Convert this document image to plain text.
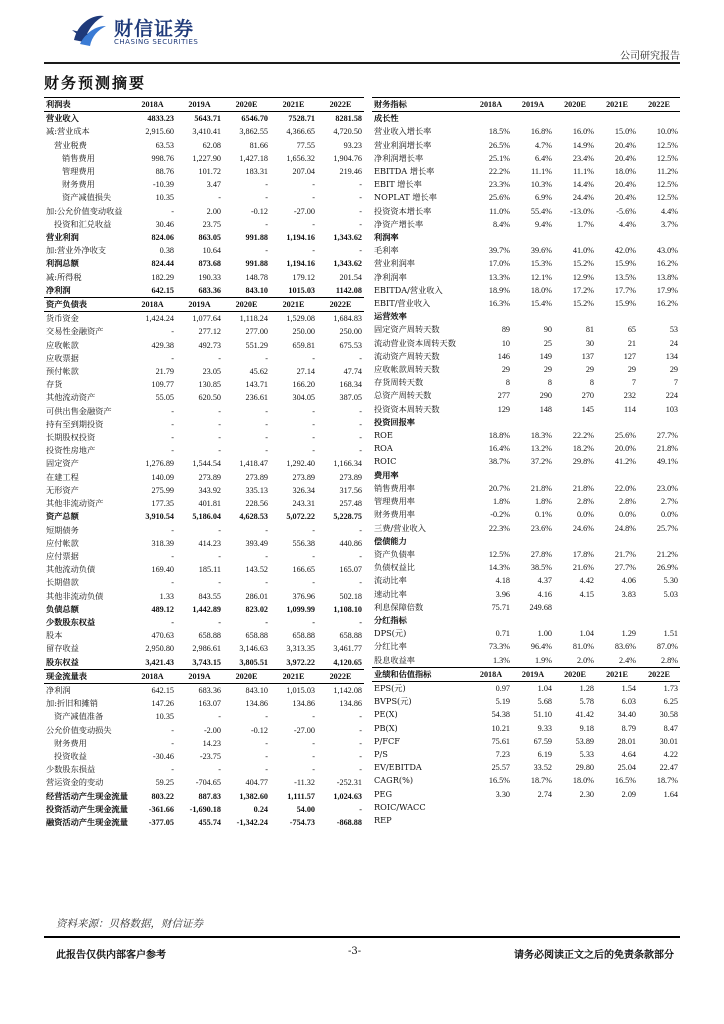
财信证券
CHASING SECURITIES
公司研究报告
财务预测摘要
利润表	2018A	2019A	2020E	2021E	2022E
营业收入	4833.23	5643.71	6546.70	7528.71	8281.58
减:营业成本	2,915.60	3,410.41	3,862.55	4,366.65	4,720.50
营业税费	63.53	62.08	81.66	77.55	93.23
销售费用	998.76	1,227.90	1,427.18	1,656.32	1,904.76
管理费用	88.76	101.72	183.31	207.04	219.46
财务费用	-10.39	3.47	-	-	-
资产减值损失	10.35	-	-	-	-
加:公允价值变动收益	-	2.00	-0.12	-27.00	-
投资和汇兑收益	30.46	23.75	-	-	-
营业利润	824.06	863.05	991.88	1,194.16	1,343.62
加:营业外净收支	0.38	10.64	-	-	-
利润总额	824.44	873.68	991.88	1,194.16	1,343.62
减:所得税	182.29	190.33	148.78	179.12	201.54
净利润	642.15	683.36	843.10	1015.03	1142.08
资产负债表	2018A	2019A	2020E	2021E	2022E
货币资金	1,424.24	1,077.64	1,118.24	1,529.08	1,684.83
交易性金融资产	-	277.12	277.00	250.00	250.00
应收帐款	429.38	492.73	551.29	659.81	675.53
应收票据	-	-	-	-	-
预付帐款	21.79	23.05	45.62	27.14	47.74
存货	109.77	130.85	143.71	166.20	168.34
其他流动资产	55.05	620.50	236.61	304.05	387.05
可供出售金融资产	-	-	-	-	-
持有至到期投资	-	-	-	-	-
长期股权投资	-	-	-	-	-
投资性房地产	-	-	-	-	-
固定资产	1,276.89	1,544.54	1,418.47	1,292.40	1,166.34
在建工程	140.09	273.89	273.89	273.89	273.89
无形资产	275.99	343.92	335.13	326.34	317.56
其他非流动资产	177.35	401.81	228.56	243.31	257.48
资产总额	3,910.54	5,186.04	4,628.53	5,072.22	5,228.75
短期债务	-	-	-	-	-
应付帐款	318.39	414.23	393.49	556.38	440.86
应付票据	-	-	-	-	-
其他流动负债	169.40	185.11	143.52	166.65	165.07
长期借款	-	-	-	-	-
其他非流动负债	1.33	843.55	286.01	376.96	502.18
负债总额	489.12	1,442.89	823.02	1,099.99	1,108.10
少数股东权益	-	-	-	-	-
股本	470.63	658.88	658.88	658.88	658.88
留存收益	2,950.80	2,986.61	3,146.63	3,313.35	3,461.77
股东权益	3,421.43	3,743.15	3,805.51	3,972.22	4,120.65
现金流量表	2018A	2019A	2020E	2021E	2022E
净利润	642.15	683.36	843.10	1,015.03	1,142.08
加:折旧和摊销	147.26	163.07	134.86	134.86	134.86
资产减值准备	10.35	-	-	-	-
公允价值变动损失	-	-2.00	-0.12	-27.00	-
财务费用	-	14.23	-	-	-
投资收益	-30.46	-23.75	-	-	-
少数股东损益	-	-	-	-	-
营运资金的变动	59.25	-704.65	404.77	-11.32	-252.31
经营活动产生现金流量	803.22	887.83	1,382.60	1,111.57	1,024.63
投资活动产生现金流量	-361.66	-1,690.18	0.24	54.00	-
融资活动产生现金流量	-377.05	455.74	-1,342.24	-754.73	-868.88
财务指标	2018A	2019A	2020E	2021E	2022E
成长性					
营业收入增长率	18.5%	16.8%	16.0%	15.0%	10.0%
营业利润增长率	26.5%	4.7%	14.9%	20.4%	12.5%
净利润增长率	25.1%	6.4%	23.4%	20.4%	12.5%
EBITDA 增长率	22.2%	11.1%	11.1%	18.0%	11.2%
EBIT 增长率	23.3%	10.3%	14.4%	20.4%	12.5%
NOPLAT 增长率	25.6%	6.9%	24.4%	20.4%	12.5%
投资资本增长率	11.0%	55.4%	-13.0%	-5.6%	4.4%
净资产增长率	8.4%	9.4%	1.7%	4.4%	3.7%
利润率					
毛利率	39.7%	39.6%	41.0%	42.0%	43.0%
营业利润率	17.0%	15.3%	15.2%	15.9%	16.2%
净利润率	13.3%	12.1%	12.9%	13.5%	13.8%
EBITDA/营业收入	18.9%	18.0%	17.2%	17.7%	17.9%
EBIT/营业收入	16.3%	15.4%	15.2%	15.9%	16.2%
运营效率					
固定资产周转天数	89	90	81	65	53
流动营业资本周转天数	10	25	30	21	24
流动资产周转天数	146	149	137	127	134
应收帐款周转天数	29	29	29	29	29
存货周转天数	8	8	8	7	7
总资产周转天数	277	290	270	232	224
投资资本周转天数	129	148	145	114	103
投资回报率					
ROE	18.8%	18.3%	22.2%	25.6%	27.7%
ROA	16.4%	13.2%	18.2%	20.0%	21.8%
ROIC	38.7%	37.2%	29.8%	41.2%	49.1%
费用率					
销售费用率	20.7%	21.8%	21.8%	22.0%	23.0%
管理费用率	1.8%	1.8%	2.8%	2.8%	2.7%
财务费用率	-0.2%	0.1%	0.0%	0.0%	0.0%
三费/营业收入	22.3%	23.6%	24.6%	24.8%	25.7%
偿债能力					
资产负债率	12.5%	27.8%	17.8%	21.7%	21.2%
负债权益比	14.3%	38.5%	21.6%	27.7%	26.9%
流动比率	4.18	4.37	4.42	4.06	5.30
速动比率	3.96	4.16	4.15	3.83	5.03
利息保障倍数	75.71	249.68			
分红指标					
DPS(元)	0.71	1.00	1.04	1.29	1.51
分红比率	73.3%	96.4%	81.0%	83.6%	87.0%
股息收益率	1.3%	1.9%	2.0%	2.4%	2.8%
业绩和估值指标	2018A	2019A	2020E	2021E	2022E
EPS(元)	0.97	1.04	1.28	1.54	1.73
BVPS(元)	5.19	5.68	5.78	6.03	6.25
PE(X)	54.38	51.10	41.42	34.40	30.58
PB(X)	10.21	9.33	9.18	8.79	8.47
P/FCF	75.61	67.59	53.89	28.01	30.01
P/S	7.23	6.19	5.33	4.64	4.22
EV/EBITDA	25.57	33.52	29.80	25.04	22.47
CAGR(%)	16.5%	18.7%	18.0%	16.5%	18.7%
PEG	3.30	2.74	2.30	2.09	1.64
ROIC/WACC					
REP					
资料来源：贝格数据，财信证券
此报告仅供内部客户参考	-3-	请务必阅读正文之后的免责条款部分
